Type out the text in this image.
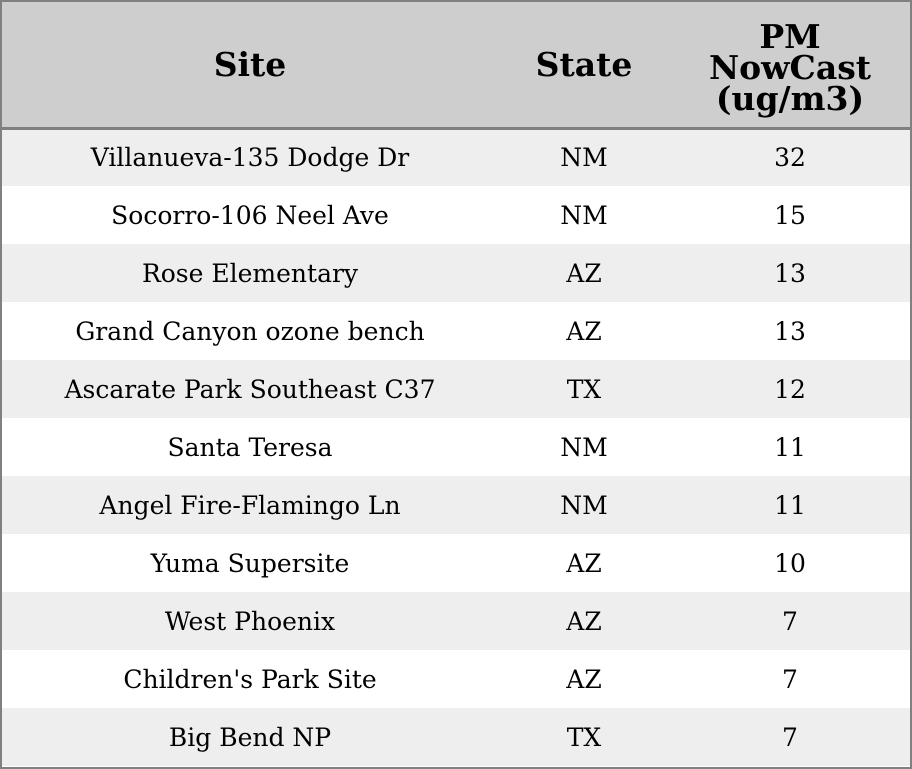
Site	State	PM
NowCast
(ug/m3)

Villanueva-135 Dodge Dr	NM	32
Socorro-106 Neel Ave	NM	15
Rose Elementary	AZ	13
Grand Canyon ozone bench	AZ	13
Ascarate Park Southeast C37	TX	12
Santa Teresa	NM	11
Angel Fire-Flamingo Ln	NM	11
Yuma Supersite	AZ	10
West Phoenix	AZ	7
Children's Park Site	AZ	7
Big Bend NP	TX	7
